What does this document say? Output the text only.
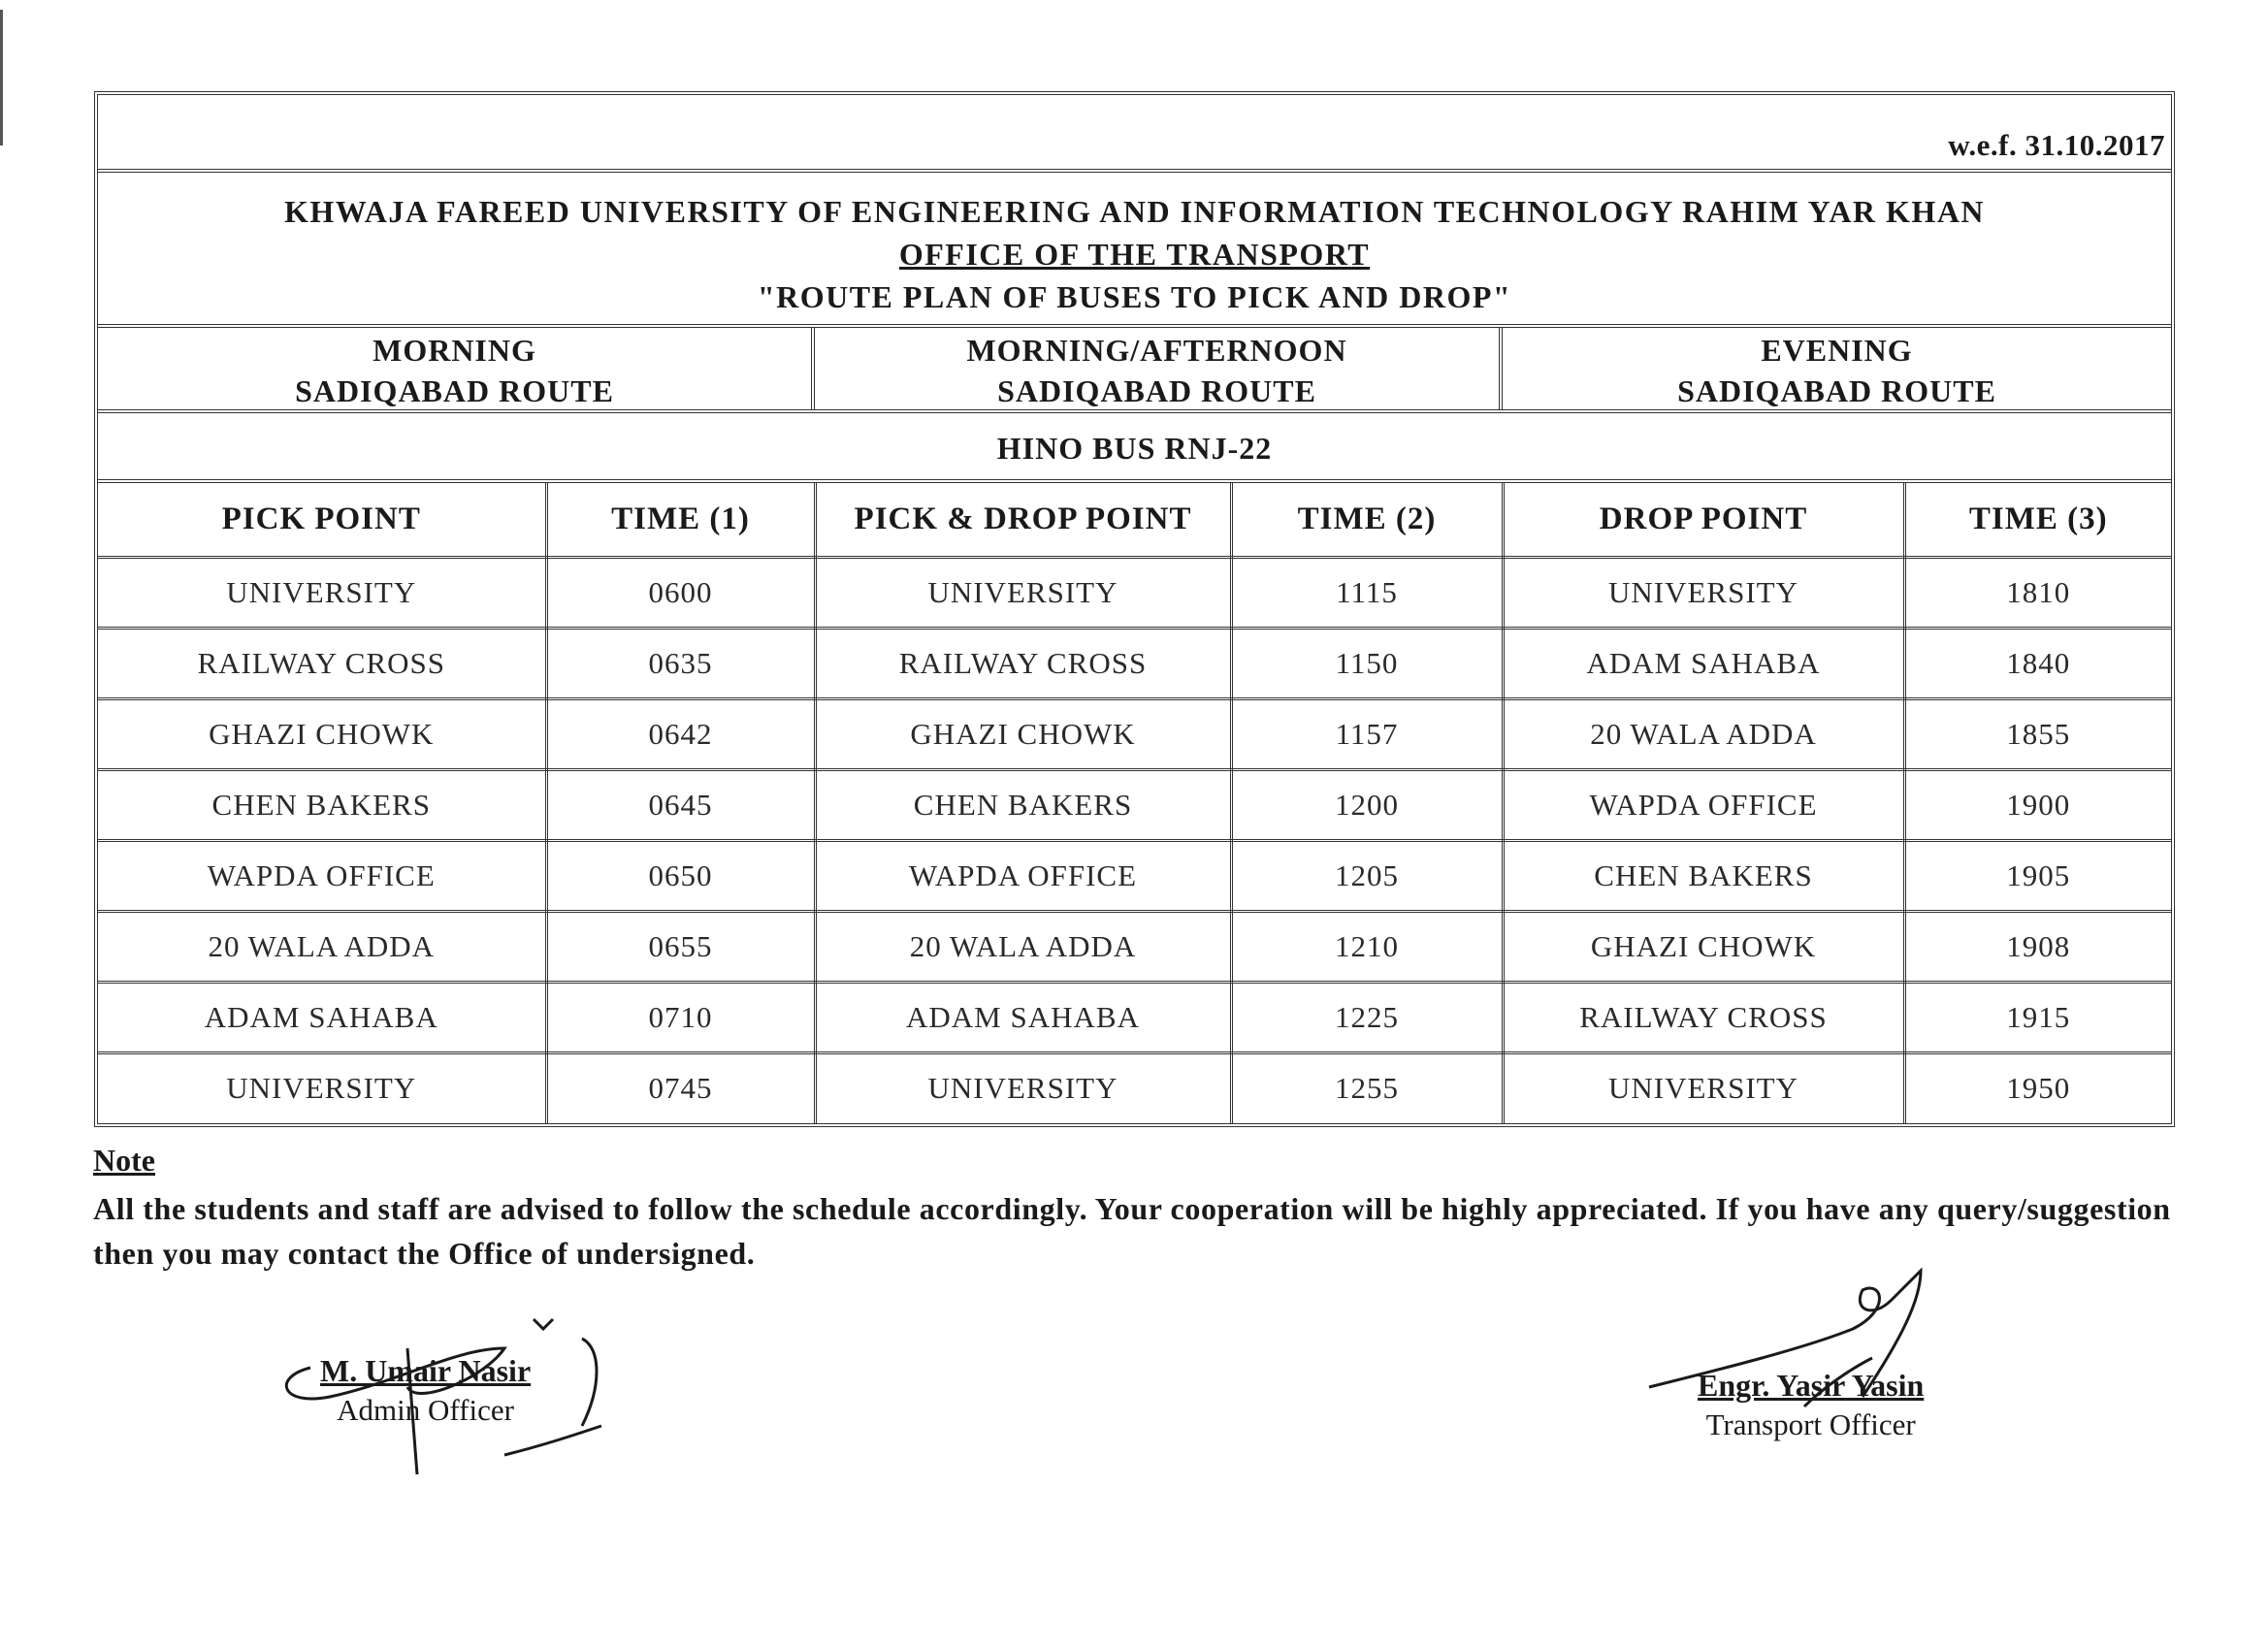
w.e.f. 31.10.2017
KHWAJA FAREED UNIVERSITY OF ENGINEERING AND INFORMATION TECHNOLOGY RAHIM YAR KHAN
OFFICE OF THE TRANSPORT
"ROUTE PLAN OF BUSES TO PICK AND DROP"
MORNING
SADIQABAD ROUTE
MORNING/AFTERNOON
SADIQABAD ROUTE
EVENING
SADIQABAD ROUTE
HINO BUS RNJ-22
PICK POINT	TIME (1)	PICK & DROP POINT	TIME (2)	DROP POINT	TIME (3)
UNIVERSITY	0600	UNIVERSITY	1115	UNIVERSITY	1810
RAILWAY CROSS	0635	RAILWAY CROSS	1150	ADAM SAHABA	1840
GHAZI CHOWK	0642	GHAZI CHOWK	1157	20 WALA ADDA	1855
CHEN BAKERS	0645	CHEN BAKERS	1200	WAPDA OFFICE	1900
WAPDA OFFICE	0650	WAPDA OFFICE	1205	CHEN BAKERS	1905
20 WALA ADDA	0655	20 WALA ADDA	1210	GHAZI CHOWK	1908
ADAM SAHABA	0710	ADAM SAHABA	1225	RAILWAY CROSS	1915
UNIVERSITY	0745	UNIVERSITY	1255	UNIVERSITY	1950
Note
All the students and staff are advised to follow the schedule accordingly. Your cooperation will be highly appreciated. If you have any query/suggestion then you may contact the Office of undersigned.
M. Umair Nasir
Admin Officer
Engr. Yasir Yasin
Transport Officer
